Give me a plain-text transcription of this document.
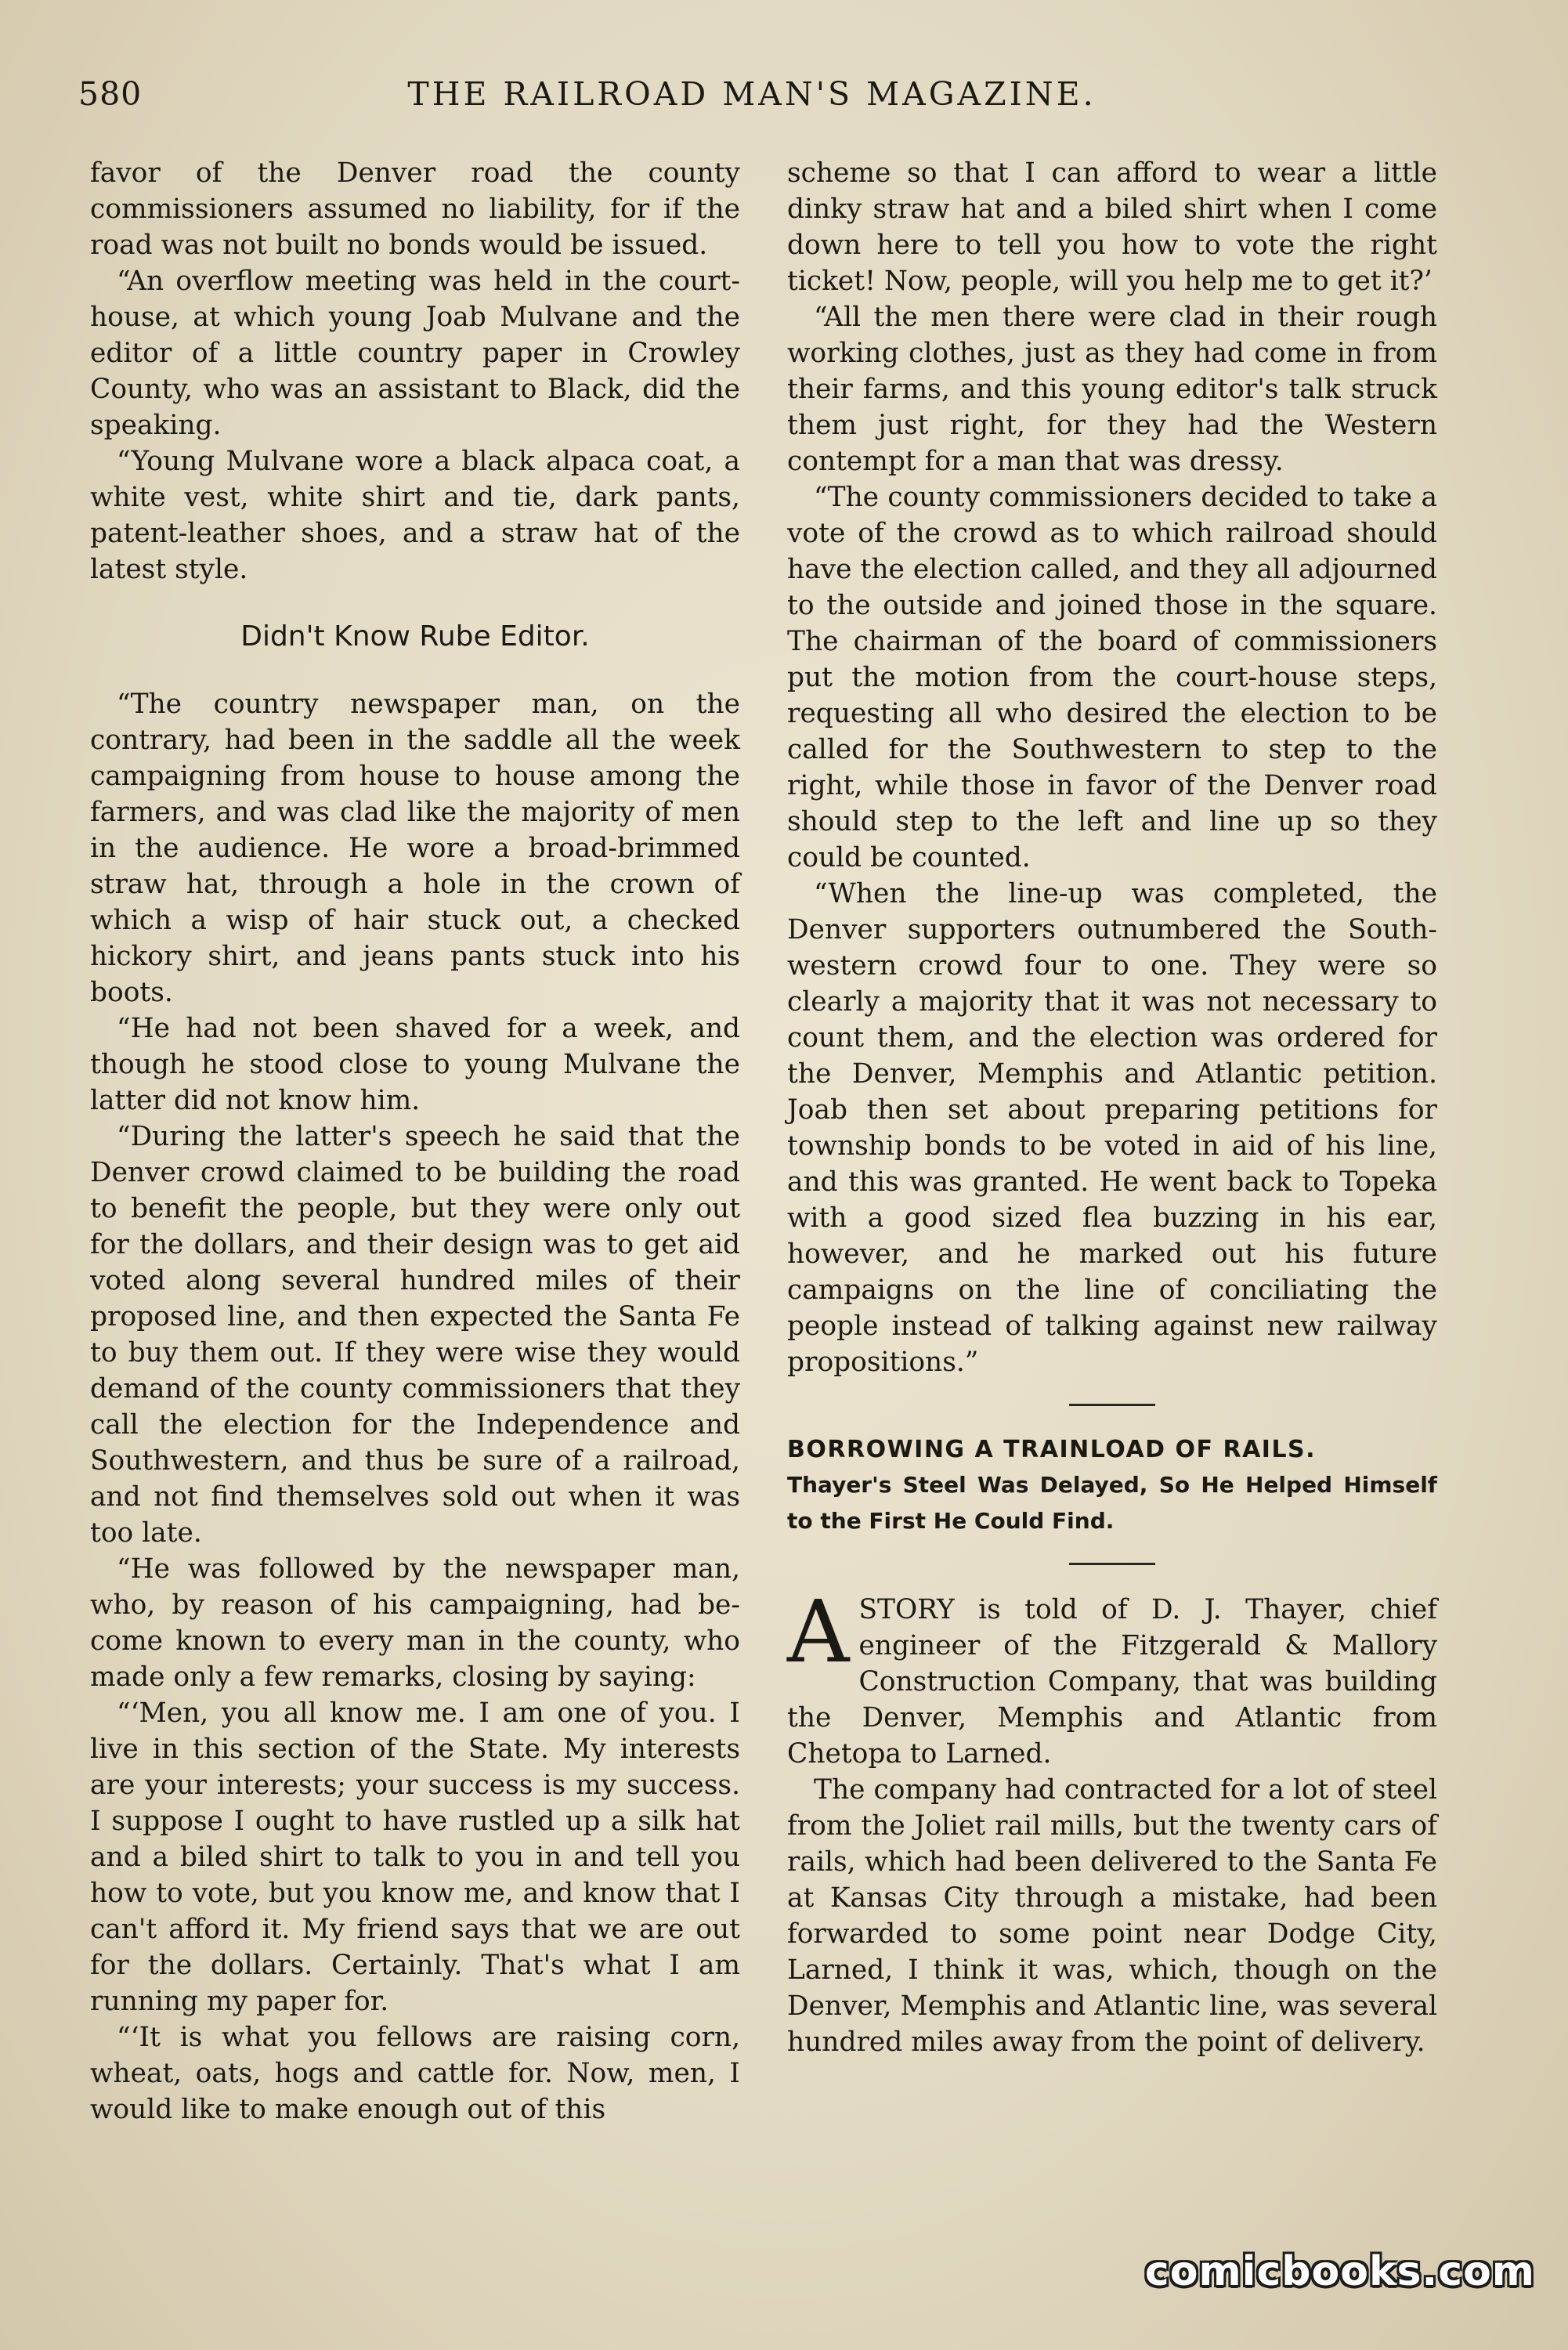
580	THE RAILROAD MAN'S MAGAZINE.

favor of the Denver road the county commissioners assumed no liability, for if the road was not built no bonds would be issued.

“An overflow meeting was held in the court-house, at which young Joab Mulvane and the editor of a little country paper in Crowley County, who was an assistant to Black, did the speaking.

“Young Mulvane wore a black alpaca coat, a white vest, white shirt and tie, dark pants, patent-leather shoes, and a straw hat of the latest style.

Didn't Know Rube Editor.

“The country newspaper man, on the contrary, had been in the saddle all the week campaigning from house to house among the farmers, and was clad like the majority of men in the audience. He wore a broad-brimmed straw hat, through a hole in the crown of which a wisp of hair stuck out, a checked hickory shirt, and jeans pants stuck into his boots.

“He had not been shaved for a week, and though he stood close to young Mulvane the latter did not know him.

“During the latter's speech he said that the Denver crowd claimed to be building the road to benefit the people, but they were only out for the dollars, and their design was to get aid voted along several hundred miles of their proposed line, and then expected the Santa Fe to buy them out. If they were wise they would demand of the county commissioners that they call the election for the Independence and Southwestern, and thus be sure of a railroad, and not find themselves sold out when it was too late.

“He was followed by the newspaper man, who, by reason of his campaigning, had become known to every man in the county, who made only a few remarks, closing by saying:

“‘Men, you all know me. I am one of you. I live in this section of the State. My interests are your interests; your success is my success. I suppose I ought to have rustled up a silk hat and a biled shirt to talk to you in and tell you how to vote, but you know me, and know that I can't afford it. My friend says that we are out for the dollars. Certainly. That's what I am running my paper for.

“‘It is what you fellows are raising corn, wheat, oats, hogs and cattle for. Now, men, I would like to make enough out of this

scheme so that I can afford to wear a little dinky straw hat and a biled shirt when I come down here to tell you how to vote the right ticket! Now, people, will you help me to get it?’

“All the men there were clad in their rough working clothes, just as they had come in from their farms, and this young editor's talk struck them just right, for they had the Western contempt for a man that was dressy.

“The county commissioners decided to take a vote of the crowd as to which railroad should have the election called, and they all adjourned to the outside and joined those in the square. The chairman of the board of commissioners put the motion from the court-house steps, requesting all who desired the election to be called for the Southwestern to step to the right, while those in favor of the Denver road should step to the left and line up so they could be counted.

“When the line-up was completed, the Denver supporters outnumbered the Southwestern crowd four to one. They were so clearly a majority that it was not necessary to count them, and the election was ordered for the Denver, Memphis and Atlantic petition. Joab then set about preparing petitions for township bonds to be voted in aid of his line, and this was granted. He went back to Topeka with a good sized flea buzzing in his ear, however, and he marked out his future campaigns on the line of conciliating the people instead of talking against new railway propositions.”

BORROWING A TRAINLOAD OF RAILS.

Thayer's Steel Was Delayed, So He Helped Himself to the First He Could Find.

ASTORY is told of D. J. Thayer, chief engineer of the Fitzgerald & Mallory Construction Company, that was building the Denver, Memphis and Atlantic from Chetopa to Larned.

The company had contracted for a lot of steel from the Joliet rail mills, but the twenty cars of rails, which had been delivered to the Santa Fe at Kansas City through a mistake, had been forwarded to some point near Dodge City, Larned, I think it was, which, though on the Denver, Memphis and Atlantic line, was several hundred miles away from the point of delivery.

comicbooks.com
